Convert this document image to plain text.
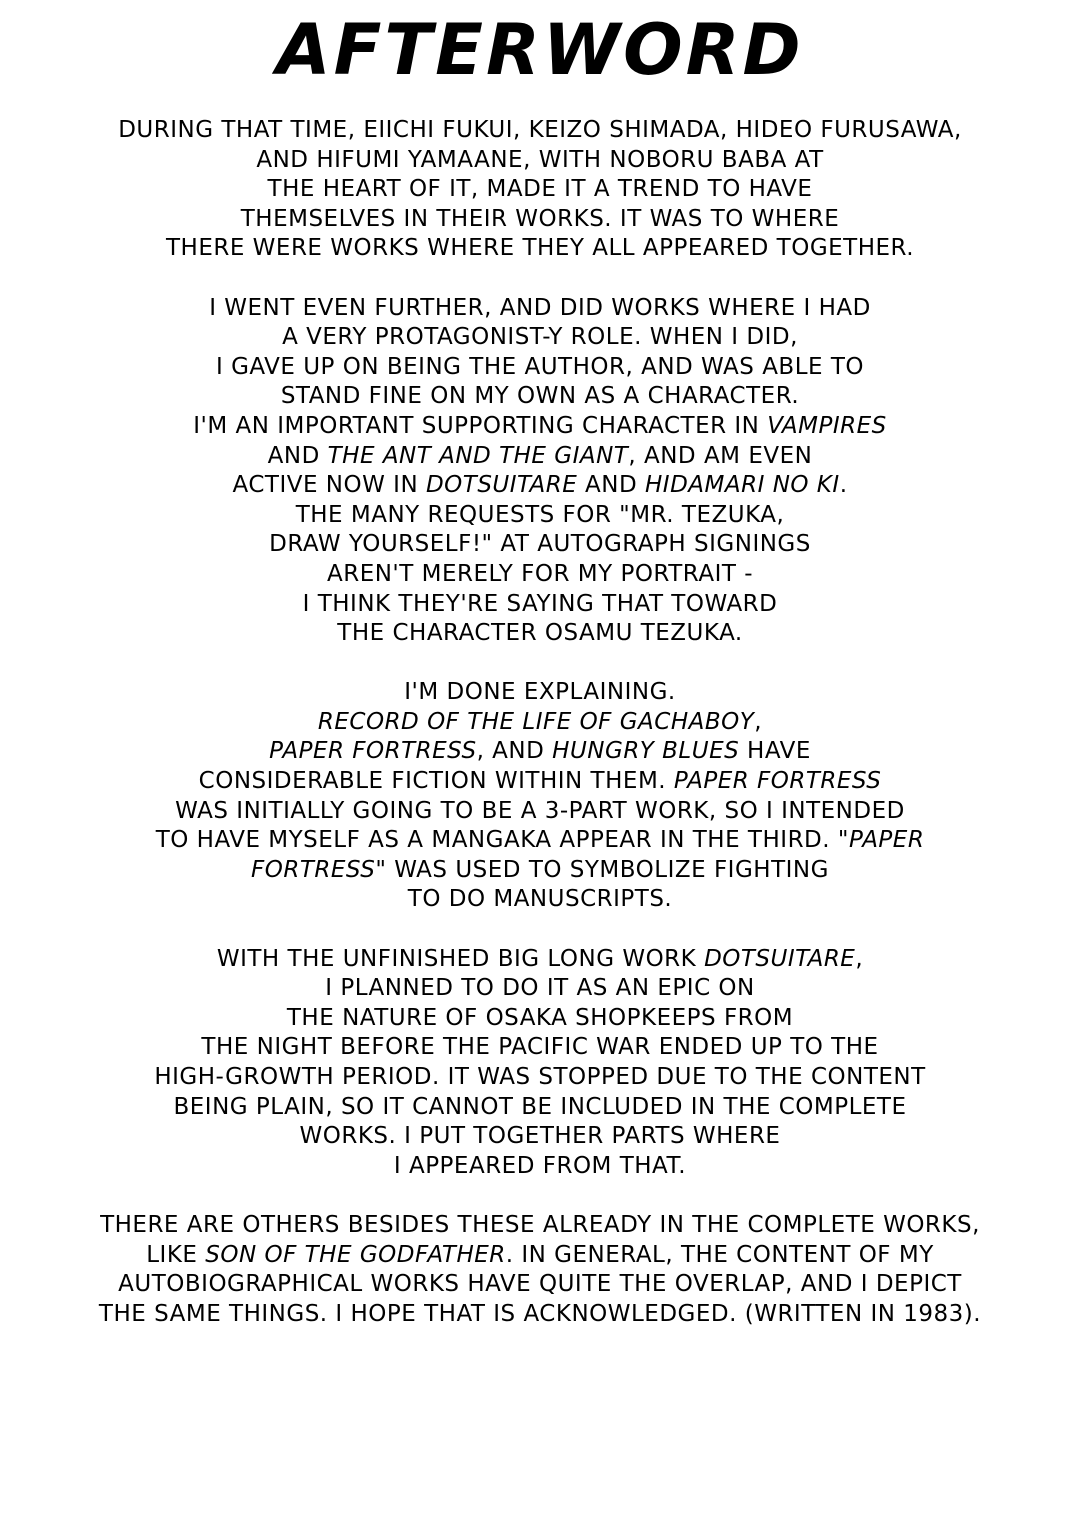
AFTERWORD

DURING THAT TIME, EIICHI FUKUI, KEIZO SHIMADA, HIDEO FURUSAWA,
AND HIFUMI YAMAANE, WITH NOBORU BABA AT
THE HEART OF IT, MADE IT A TREND TO HAVE
THEMSELVES IN THEIR WORKS. IT WAS TO WHERE
THERE WERE WORKS WHERE THEY ALL APPEARED TOGETHER.

I WENT EVEN FURTHER, AND DID WORKS WHERE I HAD
A VERY PROTAGONIST-Y ROLE. WHEN I DID,
I GAVE UP ON BEING THE AUTHOR, AND WAS ABLE TO
STAND FINE ON MY OWN AS A CHARACTER.
I'M AN IMPORTANT SUPPORTING CHARACTER IN VAMPIRES
AND THE ANT AND THE GIANT, AND AM EVEN
ACTIVE NOW IN DOTSUITARE AND HIDAMARI NO KI.
THE MANY REQUESTS FOR "MR. TEZUKA,
DRAW YOURSELF!" AT AUTOGRAPH SIGNINGS
AREN'T MERELY FOR MY PORTRAIT -
I THINK THEY'RE SAYING THAT TOWARD
THE CHARACTER OSAMU TEZUKA.

I'M DONE EXPLAINING.
RECORD OF THE LIFE OF GACHABOY,
PAPER FORTRESS, AND HUNGRY BLUES HAVE
CONSIDERABLE FICTION WITHIN THEM. PAPER FORTRESS
WAS INITIALLY GOING TO BE A 3-PART WORK, SO I INTENDED
TO HAVE MYSELF AS A MANGAKA APPEAR IN THE THIRD. "PAPER
FORTRESS" WAS USED TO SYMBOLIZE FIGHTING
TO DO MANUSCRIPTS.

WITH THE UNFINISHED BIG LONG WORK DOTSUITARE,
I PLANNED TO DO IT AS AN EPIC ON
THE NATURE OF OSAKA SHOPKEEPS FROM
THE NIGHT BEFORE THE PACIFIC WAR ENDED UP TO THE
HIGH-GROWTH PERIOD. IT WAS STOPPED DUE TO THE CONTENT
BEING PLAIN, SO IT CANNOT BE INCLUDED IN THE COMPLETE
WORKS. I PUT TOGETHER PARTS WHERE
I APPEARED FROM THAT.

THERE ARE OTHERS BESIDES THESE ALREADY IN THE COMPLETE WORKS,
LIKE SON OF THE GODFATHER. IN GENERAL, THE CONTENT OF MY
AUTOBIOGRAPHICAL WORKS HAVE QUITE THE OVERLAP, AND I DEPICT
THE SAME THINGS. I HOPE THAT IS ACKNOWLEDGED. (WRITTEN IN 1983).
